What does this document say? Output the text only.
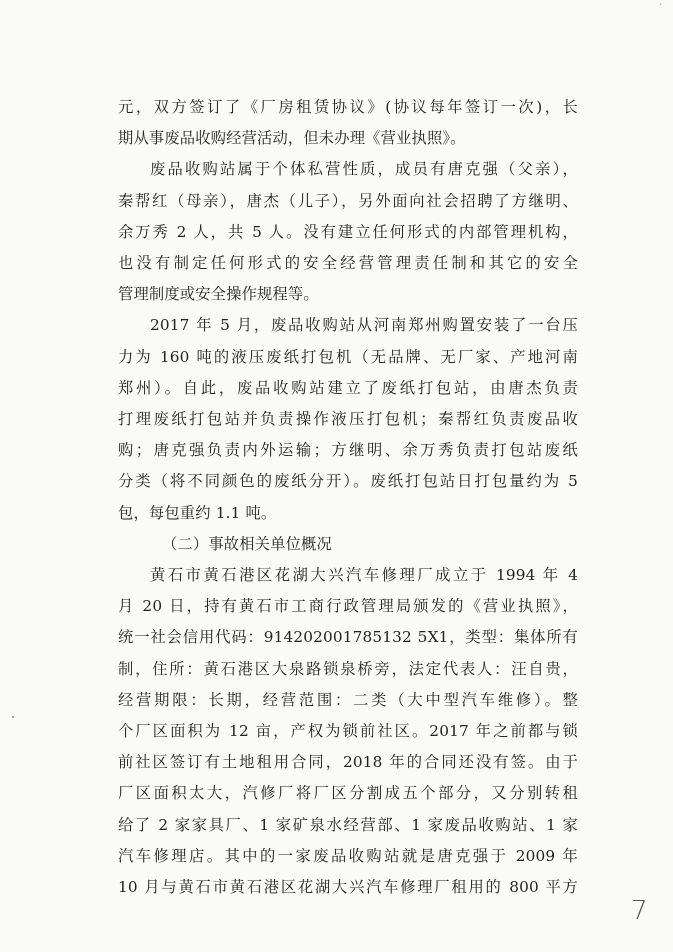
·
元，双方签订了《厂房租赁协议》(协议每年签订一次)，长
期从事废品收购经营活动，但未办理《营业执照》。
废品收购站属于个体私营性质，成员有唐克强（父亲），
秦帮红（母亲），唐杰（儿子），另外面向社会招聘了方继明、
余万秀 2 人，共 5 人。没有建立任何形式的内部管理机构，
也没有制定任何形式的安全经营管理责任制和其它的安全
管理制度或安全操作规程等。
2017 年 5 月，废品收购站从河南郑州购置安装了一台压
力为 160 吨的液压废纸打包机（无品牌、无厂家、产地河南
郑州）。自此，废品收购站建立了废纸打包站，由唐杰负责
打理废纸打包站并负责操作液压打包机；秦帮红负责废品收
购；唐克强负责内外运输；方继明、余万秀负责打包站废纸
分类（将不同颜色的废纸分开）。废纸打包站日打包量约为 5
包，每包重约 1.1 吨。
（二）事故相关单位概况
黄石市黄石港区花湖大兴汽车修理厂成立于 1994 年 4
月 20 日，持有黄石市工商行政管理局颁发的《营业执照》，
统一社会信用代码：914202001785132 5X1，类型：集体所有
制，住所：黄石港区大泉路锁泉桥旁，法定代表人：汪自贵，
经营期限：长期，经营范围：二类（大中型汽车维修）。整
个厂区面积为 12 亩，产权为锁前社区。2017 年之前都与锁
前社区签订有土地租用合同，2018 年的合同还没有签。由于
厂区面积太大，汽修厂将厂区分割成五个部分，又分别转租
给了 2 家家具厂、1 家矿泉水经营部、1 家废品收购站、1 家
汽车修理店。其中的一家废品收购站就是唐克强于 2009 年
10 月与黄石市黄石港区花湖大兴汽车修理厂租用的 800 平方
7
